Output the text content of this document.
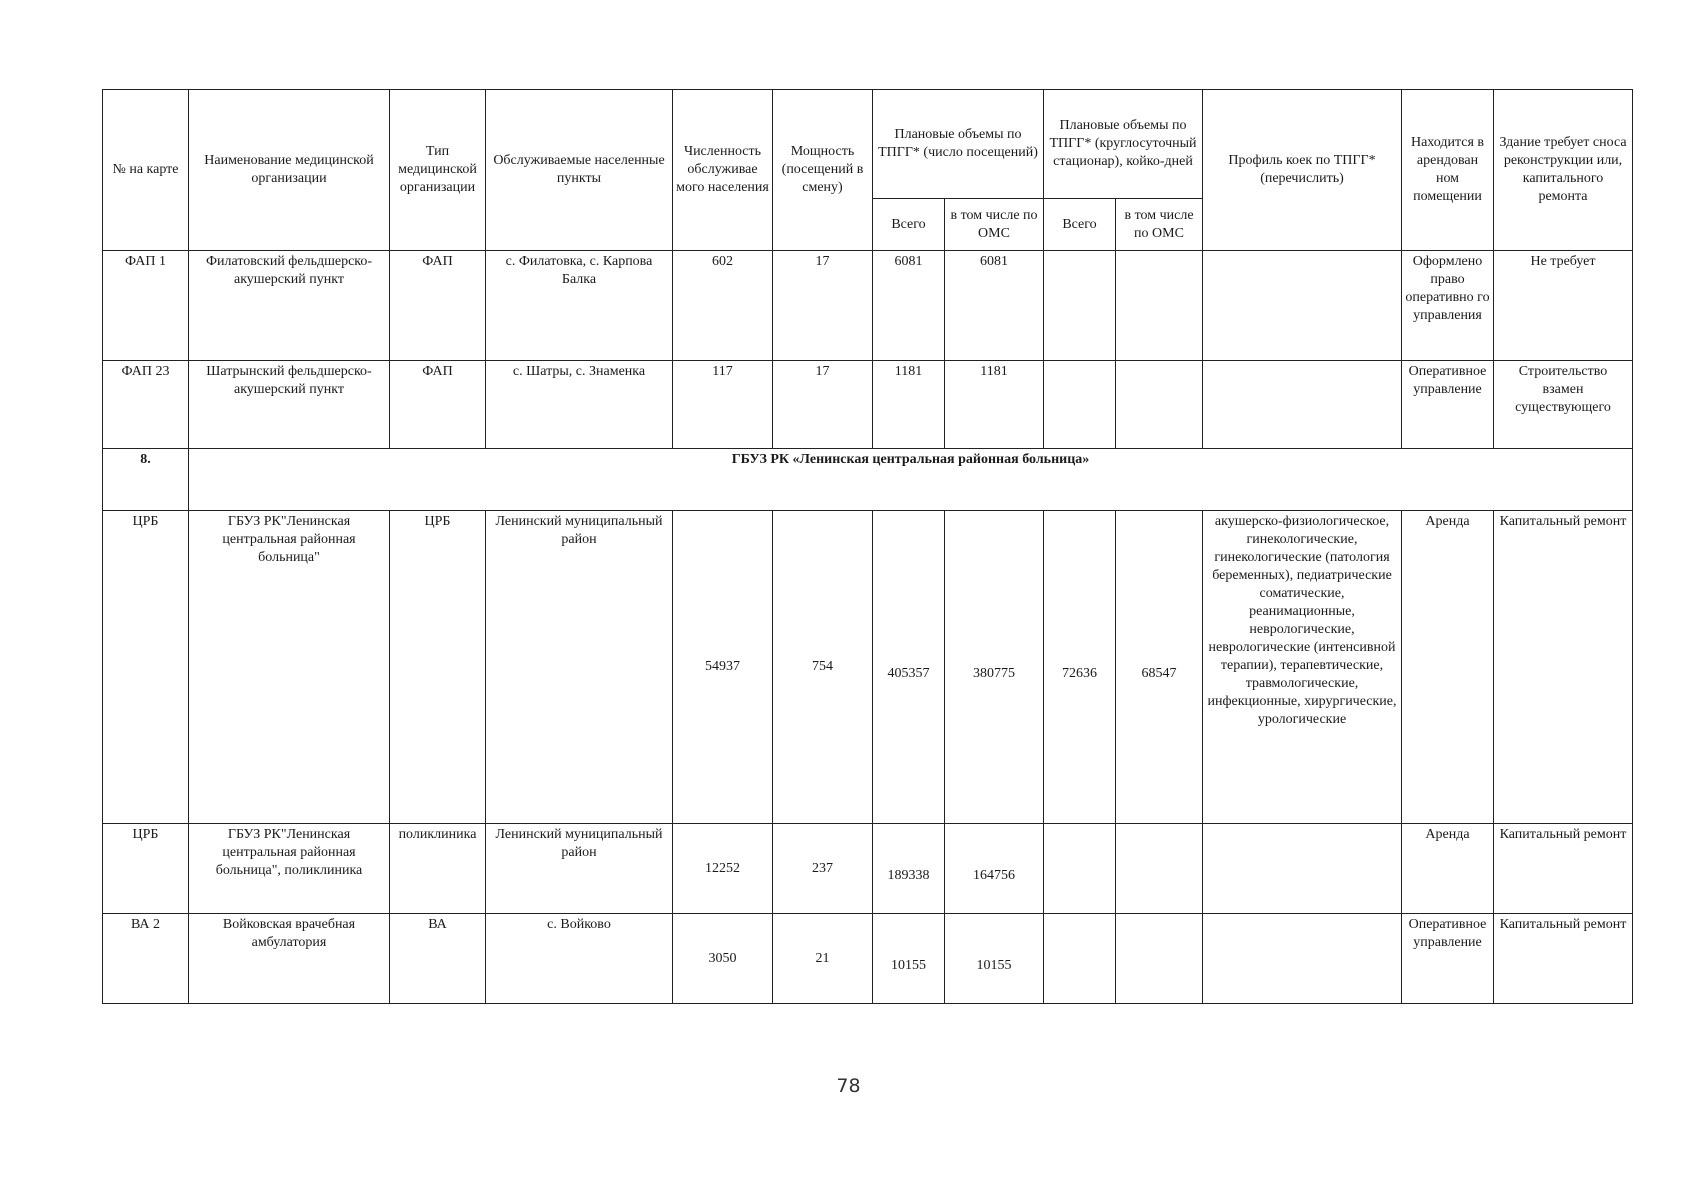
№ на карте	Наименование медицинской организации	Тип медицинской организации	Обслуживаемые населенные пункты	Численность обслуживае мого населения	Мощность (посещений в смену)	Плановые объемы по ТПГГ* (число посещений)		Плановые объемы по ТПГГ* (круглосуточный стационар), койко-дней		Профиль коек по ТПГГ* (перечислить)	Находится в арендован ном помещении	Здание требует сноса реконструкции или, капитального ремонта
						Всего	в том числе по ОМС	Всего	в том числе по ОМС			
ФАП 1	Филатовский фельдшерско-акушерский пункт	ФАП	с. Филатовка, с. Карпова Балка	602	17	6081	6081				Оформлено право оперативно го управления	Не требует
ФАП 23	Шатрынский фельдшерско-акушерский пункт	ФАП	с. Шатры, с. Знаменка	117	17	1181	1181				Оперативное управление	Строительство взамен существующего
8.	ГБУЗ РК «Ленинская центральная районная больница»											
ЦРБ	ГБУЗ РК"Ленинская центральная районная больница"	ЦРБ	Ленинский муниципальный район	54937	754	405357	380775	72636	68547	акушерско-физиологическое, гинекологические, гинекологические (патология беременных), педиатрические соматические, реанимационные, неврологические, неврологические (интенсивной терапии), терапевтические, травмологические, инфекционные, хирургические, урологические	Аренда	Капитальный ремонт
ЦРБ	ГБУЗ РК"Ленинская центральная районная больница", поликлиника	поликлиника	Ленинский муниципальный район	12252	237	189338	164756				Аренда	Капитальный ремонт
ВА 2	Войковская врачебная амбулатория	ВА	с. Войково	3050	21	10155	10155				Оперативное управление	Капитальный ремонт
78
